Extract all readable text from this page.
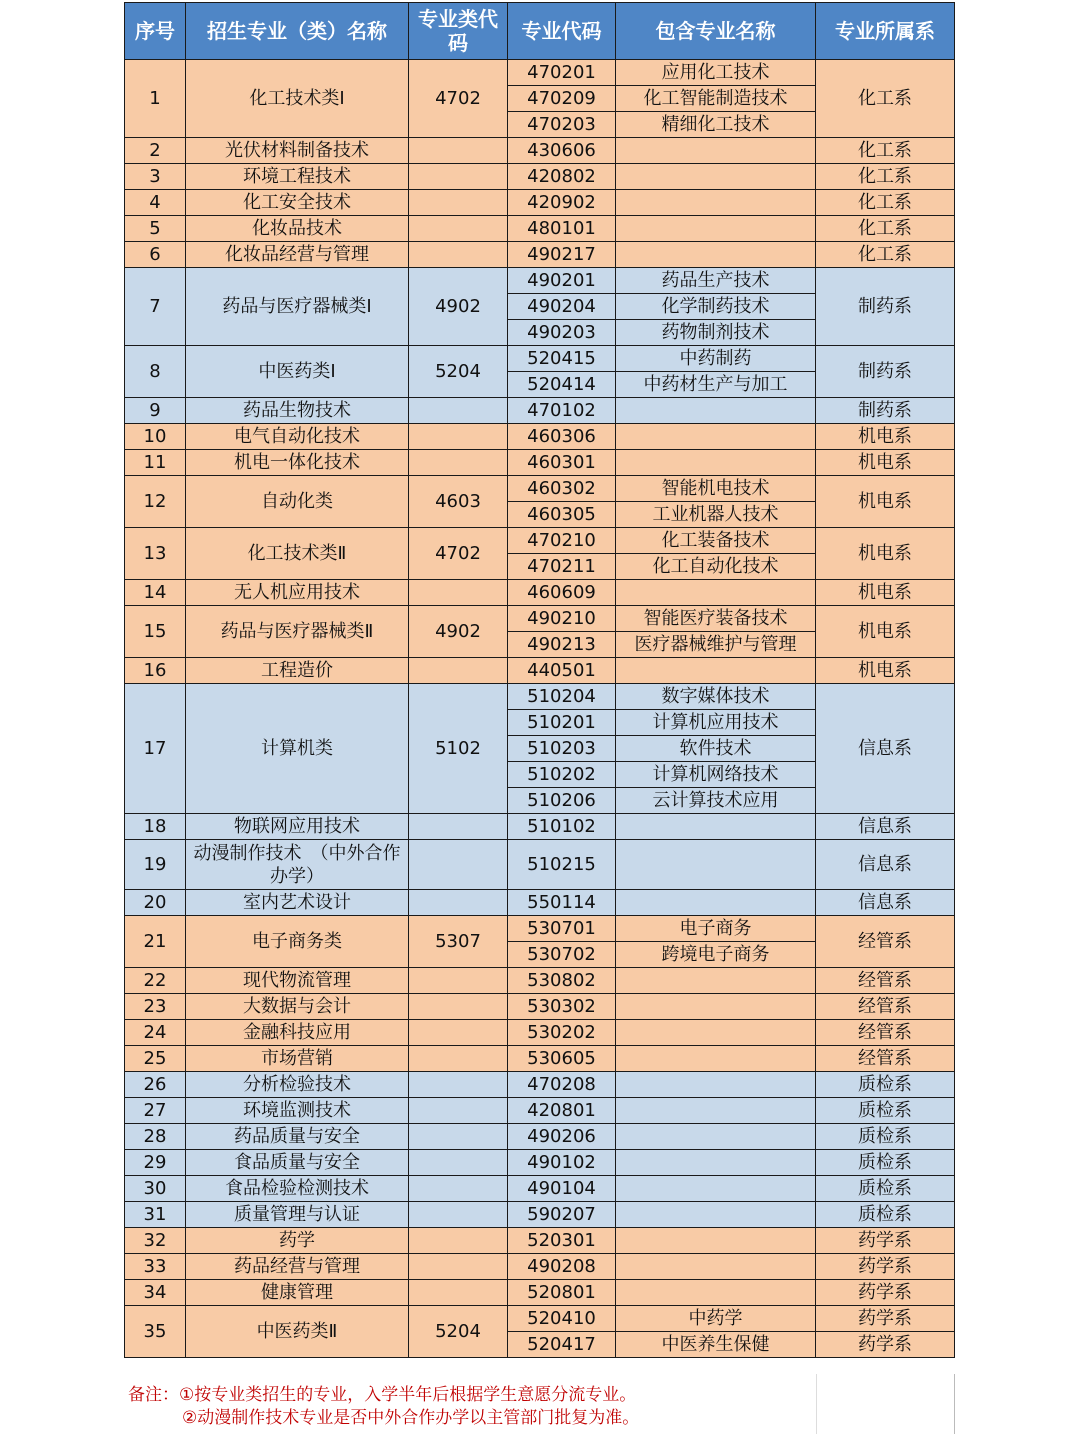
序号	招生专业（类）名称	专业类代码	专业代码	包含专业名称	专业所属系
1	化工技术类Ⅰ	4702	470201	应用化工技术	化工系
			470209	化工智能制造技术	
			470203	精细化工技术	
2	光伏材料制备技术		430606		化工系
3	环境工程技术		420802		化工系
4	化工安全技术		420902		化工系
5	化妆品技术		480101		化工系
6	化妆品经营与管理		490217		化工系
7	药品与医疗器械类Ⅰ	4902	490201	药品生产技术	制药系
			490204	化学制药技术	
			490203	药物制剂技术	
8	中医药类Ⅰ	5204	520415	中药制药	制药系
			520414	中药材生产与加工	
9	药品生物技术		470102		制药系
10	电气自动化技术		460306		机电系
11	机电一体化技术		460301		机电系
12	自动化类	4603	460302	智能机电技术	机电系
			460305	工业机器人技术	
13	化工技术类Ⅱ	4702	470210	化工装备技术	机电系
			470211	化工自动化技术	
14	无人机应用技术		460609		机电系
15	药品与医疗器械类Ⅱ	4902	490210	智能医疗装备技术	机电系
			490213	医疗器械维护与管理	
16	工程造价		440501		机电系
17	计算机类	5102	510204	数字媒体技术	信息系
			510201	计算机应用技术	
			510203	软件技术	
			510202	计算机网络技术	
			510206	云计算技术应用	
18	物联网应用技术		510102		信息系
19	动漫制作技术　（中外合作办学）		510215		信息系
20	室内艺术设计		550114		信息系
21	电子商务类	5307	530701	电子商务	经管系
			530702	跨境电子商务	
22	现代物流管理		530802		经管系
23	大数据与会计		530302		经管系
24	金融科技应用		530202		经管系
25	市场营销		530605		经管系
26	分析检验技术		470208		质检系
27	环境监测技术		420801		质检系
28	药品质量与安全		490206		质检系
29	食品质量与安全		490102		质检系
30	食品检验检测技术		490104		质检系
31	质量管理与认证		590207		质检系
32	药学		520301		药学系
33	药品经营与管理		490208		药学系
34	健康管理		520801		药学系
35	中医药类Ⅱ	5204	520410	中药学	药学系
			520417	中医养生保健	药学系
备注：①按专业类招生的专业，入学半年后根据学生意愿分流专业。
②动漫制作技术专业是否中外合作办学以主管部门批复为准。
